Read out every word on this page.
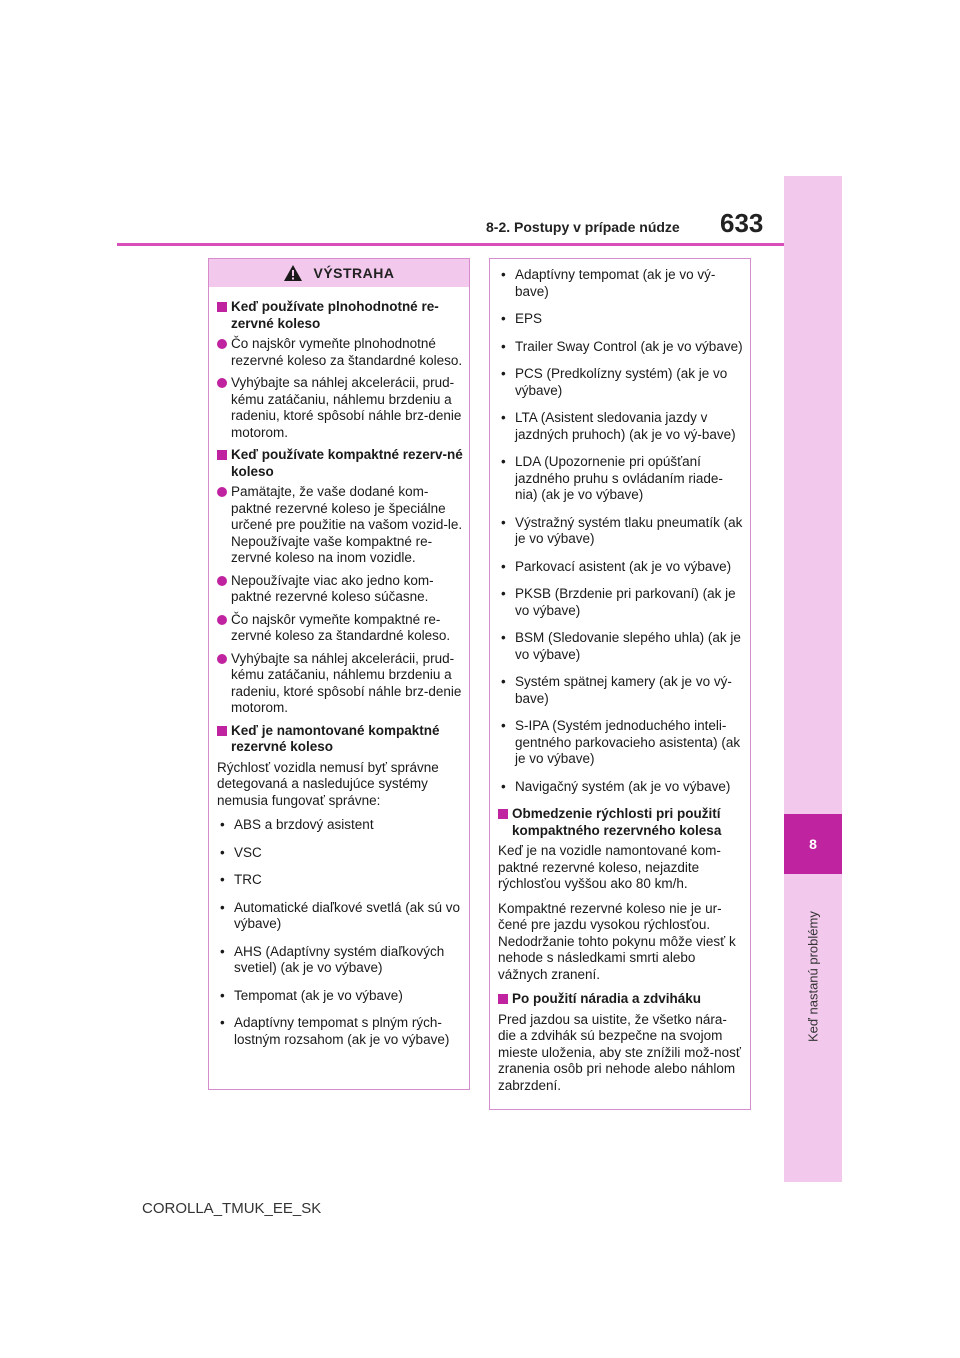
8
Keď nastanú problémy
8-2. Postupy v prípade núdze 633
VÝSTRAHA
Keď používate plnohodnotné re-zervné koleso
Čo najskôr vymeňte plnohodnotné rezervné koleso za štandardné koleso.
Vyhýbajte sa náhlej akcelerácii, prud-kému zatáčaniu, náhlemu brzdeniu a radeniu, ktoré spôsobí náhle brz-denie motorom.
Keď používate kompaktné rezerv-né koleso
Pamätajte, že vaše dodané kom-paktné rezervné koleso je špeciálne určené pre použitie na vašom vozid-le. Nepoužívajte vaše kompaktné re-zervné koleso na inom vozidle.
Nepoužívajte viac ako jedno kom-paktné rezervné koleso súčasne.
Čo najskôr vymeňte kompaktné re-zervné koleso za štandardné koleso.
Vyhýbajte sa náhlej akcelerácii, prud-kému zatáčaniu, náhlemu brzdeniu a radeniu, ktoré spôsobí náhle brz-denie motorom.
Keď je namontované kompaktné rezervné koleso
Rýchlosť vozidla nemusí byť správne detegovaná a nasledujúce systémy nemusia fungovať správne:
• ABS a brzdový asistent
• VSC
• TRC
• Automatické diaľkové svetlá (ak sú vo výbave)
• AHS (Adaptívny systém diaľkových svetiel) (ak je vo výbave)
• Tempomat (ak je vo výbave)
• Adaptívny tempomat s plným rých-lostným rozsahom (ak je vo výbave)
• Adaptívny tempomat (ak je vo vý-bave)
• EPS
• Trailer Sway Control (ak je vo výbave)
• PCS (Predkolízny systém) (ak je vo výbave)
• LTA (Asistent sledovania jazdy v jazdných pruhoch) (ak je vo vý-bave)
• LDA (Upozornenie pri opúšťaní jazdného pruhu s ovládaním riade-nia) (ak je vo výbave)
• Výstražný systém tlaku pneumatík (ak je vo výbave)
• Parkovací asistent (ak je vo výbave)
• PKSB (Brzdenie pri parkovaní) (ak je vo výbave)
• BSM (Sledovanie slepého uhla) (ak je vo výbave)
• Systém spätnej kamery (ak je vo vý-bave)
• S-IPA (Systém jednoduchého inteli-gentného parkovacieho asistenta) (ak je vo výbave)
• Navigačný systém (ak je vo výbave)
Obmedzenie rýchlosti pri použití kompaktného rezervného kolesa
Keď je na vozidle namontované kom-paktné rezervné koleso, nejazdite rýchlosťou vyššou ako 80 km/h.
Kompaktné rezervné koleso nie je ur-čené pre jazdu vysokou rýchlosťou. Nedodržanie tohto pokynu môže viesť k nehode s následkami smrti alebo vážnych zranení.
Po použití náradia a zdviháku
Pred jazdou sa uistite, že všetko nára-die a zdvihák sú bezpečne na svojom mieste uloženia, aby ste znížili mož-nosť zranenia osôb pri nehode alebo náhlom zabrzdení.
COROLLA_TMUK_EE_SK
